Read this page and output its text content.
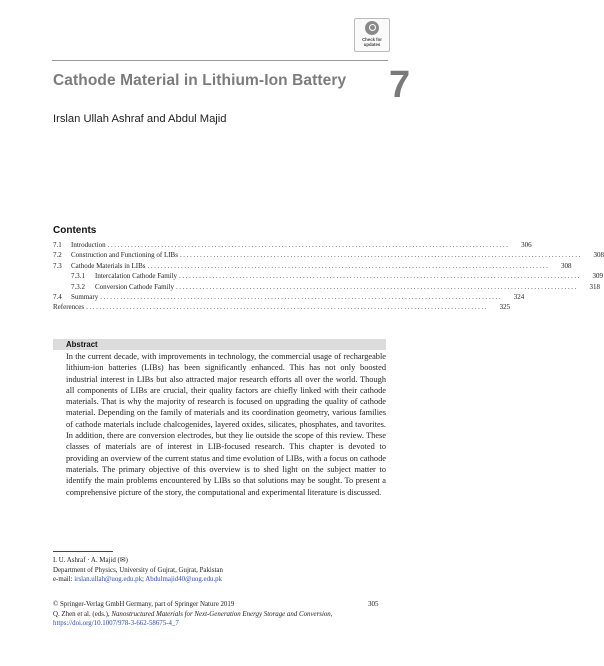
Check for
updates
7
Cathode Material in Lithium-Ion Battery
Irslan Ullah Ashraf and Abdul Majid
Contents
7.1	Introduction ........................................................................................................................	306
7.2	Construction and Functioning of LIBs ........................................................................................................................	308
7.3	Cathode Materials in LIBs ........................................................................................................................	308
7.3.1	Intercalation Cathode Family ........................................................................................................................	309
7.3.2	Conversion Cathode Family ........................................................................................................................	318
7.4	Summary ........................................................................................................................	324
References ........................................................................................................................	325
Abstract
In the current decade, with improvements in technology, the commercial usage of rechargeable lithium-ion batteries (LIBs) has been significantly enhanced. This has not only boosted industrial interest in LIBs but also attracted major research efforts all over the world. Though all components of LIBs are crucial, their quality factors are chiefly linked with their cathode materials. That is why the majority of research is focused on upgrading the quality of cathode material. Depending on the family of materials and its coordination geometry, various families of cathode materials include chalcogenides, layered oxides, silicates, phosphates, and tavorites. In addition, there are conversion electrodes, but they lie outside the scope of this review. These classes of materials are of interest in LIB-focused research. This chapter is devoted to providing an overview of the current status and time evolution of LIBs, with a focus on cathode materials. The primary objective of this overview is to shed light on the subject matter to identify the main problems encountered by LIBs so that solutions may be sought. To present a comprehensive picture of the story, the computational and experimental literature is discussed.
I. U. Ashraf · A. Majid (✉)
Department of Physics, University of Gujrat, Gujrat, Pakistan
e-mail: irslan.ullah@uog.edu.pk; Abdulmajid40@uog.edu.pk
© Springer-Verlag GmbH Germany, part of Springer Nature 2019
Q. Zhen et al. (eds.), Nanostructured Materials for Next-Generation Energy Storage and Conversion, https://doi.org/10.1007/978-3-662-58675-4_7
305
